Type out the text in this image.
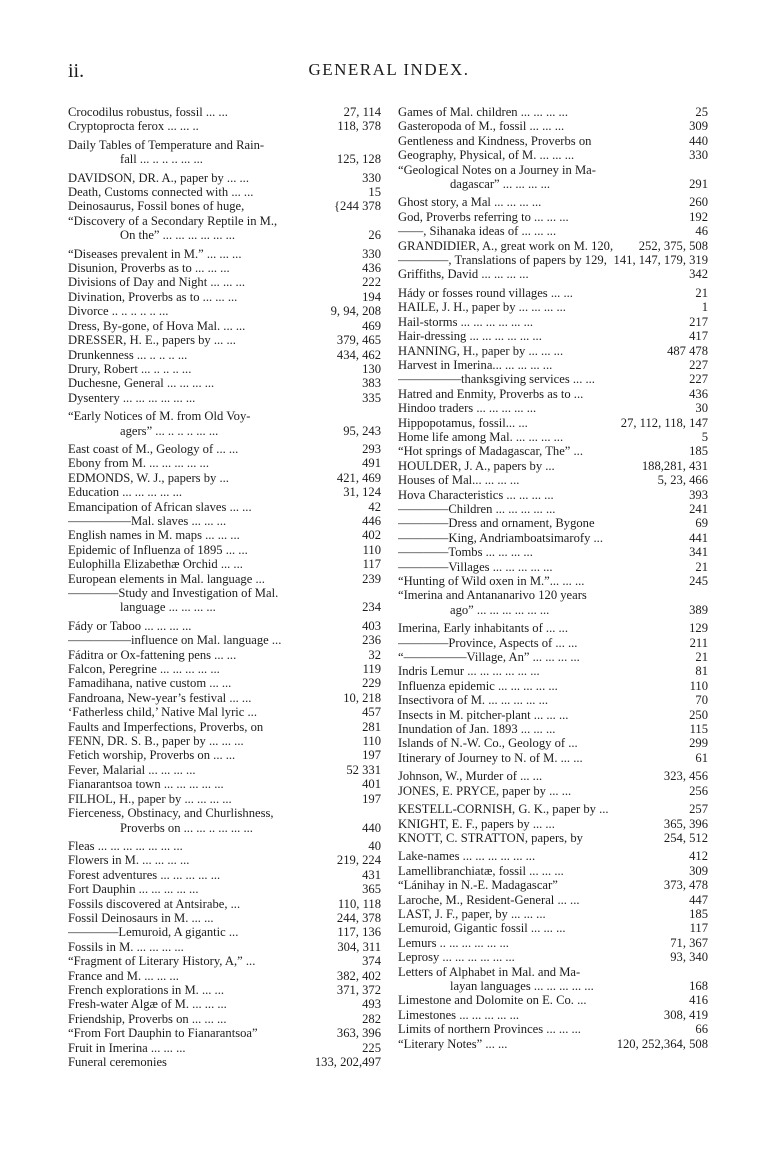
ii.	GENERAL INDEX.
Crocodilus robustus, fossil ... ...	27, 114
Cryptoprocta ferox ... ... ..	118, 378
Daily Tables of Temperature and Rain-
fall ... .. .. .. ... ...	125, 128
DAVIDSON, DR. A., paper by ... ...	330
Death, Customs connected with ... ...	15
Deinosaurus, Fossil bones of huge,	{244 378
“Discovery of a Secondary Reptile in M.,
On the” ... ... ... ... ... ...	26
“Diseases prevalent in M.” ... ... ...	330
Disunion, Proverbs as to ... ... ...	436
Divisions of Day and Night ... ... ...	222
Divination, Proverbs as to ... ... ...	194
Divorce .. .. .. .. .. ...	9, 94, 208
Dress, By-gone, of Hova Mal. ... ...	469
DRESSER, H. E., papers by ... ...	379, 465
Drunkenness ... .. .. .. ...	434, 462
Drury, Robert ... .. .. .. ...	130
Duchesne, General ... ... ... ...	383
Dysentery ... ... ... ... ... ...	335
“Early Notices of M. from Old Voy-
agers” ... .. .. .. ... ...	95, 243
East coast of M., Geology of ... ...	293
Ebony from M. ... ... ... ... ...	491
EDMONDS, W. J., papers by ...	421, 469
Education ... ... ... ... ...	31, 124
Emancipation of African slaves ... ...	42
—————Mal. slaves ... ... ...	446
English names in M. maps ... ... ...	402
Epidemic of Influenza of 1895 ... ...	110
Eulophilla Elizabethæ Orchid ... ...	117
European elements in Mal. language ...	239
————Study and Investigation of Mal.
language ... ... ... ...	234
Fády or Taboo ... ... ... ...	403
—————influence on Mal. language ...	236
Fáditra or Ox-fattening pens ... ...	32
Falcon, Peregrine ... ... ... ... ...	119
Famadihana, native custom ... ...	229
Fandroana, New-year’s festival ... ...	10, 218
‘Fatherless child,’ Native Mal lyric ...	457
Faults and Imperfections, Proverbs, on	281
FENN, DR. S. B., paper by ... ... ...	110
Fetich worship, Proverbs on ... ...	197
Fever, Malarial ... ... ... ...	52 331
Fianarantsoa town ... ... ... ... ...	401
FILHOL, H., paper by ... ... ... ...	197
Fierceness, Obstinacy, and Churlishness,
Proverbs on ... ... .. ... ... ...	440
Fleas ... ... ... ... ... ... ...	40
Flowers in M. ... ... ... ...	219, 224
Forest adventures ... ... ... ... ...	431
Fort Dauphin ... ... ... ... ...	365
Fossils discovered at Antsirabe, ...	110, 118
Fossil Deinosaurs in M. ... ...	244, 378
————Lemuroid, A gigantic ...	117, 136
Fossils in M. ... ... ... ...	304, 311
“Fragment of Literary History, A,” ...	374
France and M. ... ... ...	382, 402
French explorations in M. ... ...	371, 372
Fresh-water Algæ of M. ... ... ...	493
Friendship, Proverbs on ... ... ...	282
“From Fort Dauphin to Fianarantsoa”	363, 396
Fruit in Imerina ... ... ...	225
Funeral ceremonies	133, 202,497
Games of Mal. children ... ... ... ...	25
Gasteropoda of M., fossil ... ... ...	309
Gentleness and Kindness, Proverbs on	440
Geography, Physical, of M. ... ... ...	330
“Geological Notes on a Journey in Ma-
dagascar” ... ... ... ...	291
Ghost story, a Mal ... ... ... ...	260
God, Proverbs referring to ... ... ...	192
——, Sihanaka ideas of ... ... ...	46
GRANDIDIER, A., great work on M. 120,	252, 375, 508
————, Translations of papers by 129, 141, 147, 179, 319
Griffiths, David ... ... ... ...	342
Hády or fosses round villages ... ...	21
HAILE, J. H., paper by ... ... ... ...	1
Hail-storms ... ... ... ... ... ...	217
Hair-dressing ... ... ... ... ... ...	417
HANNING, H., paper by ... ... ...	487 478
Harvest in Imerina... ... ... ... ...	227
—————thanksgiving services ... ...	227
Hatred and Enmity, Proverbs as to ...	436
Hindoo traders ... ... ... ... ...	30
Hippopotamus, fossil... ...	27, 112, 118, 147
Home life among Mal. ... ... ... ...	5
“Hot springs of Madagascar, The” ...	185
HOULDER, J. A., papers by ...	188,281, 431
Houses of Mal... ... ... ...	5, 23, 466
Hova Characteristics ... ... ... ...	393
————Children ... ... ... ... ...	241
————Dress and ornament, Bygone	69
————King, Andriamboatsimarofy ...	441
————Tombs ... ... ... ...	341
————Villages ... ... ... ... ...	21
“Hunting of Wild oxen in M.”... ... ...	245
“Imerina and Antananarivo 120 years
ago” ... ... ... ... ... ...	389
Imerina, Early inhabitants of ... ...	129
————Province, Aspects of ... ...	211
“—————Village, An” ... ... ... ...	21
Indris Lemur ... ... ... ... ... ...	81
Influenza epidemic ... ... ... ... ...	110
Insectivora of M. ... ... ... ... ...	70
Insects in M. pitcher-plant ... ... ...	250
Inundation of Jan. 1893 ... ... ...	115
Islands of N.-W. Co., Geology of ...	299
Itinerary of Journey to N. of M. ... ...	61
Johnson, W., Murder of ... ...	323, 456
JONES, E. PRYCE, paper by ... ...	256
KESTELL-CORNISH, G. K., paper by ...	257
KNIGHT, E. F., papers by ... ...	365, 396
KNOTT, C. STRATTON, papers, by	254, 512
Lake-names ... ... ... ... ... ...	412
Lamellibranchiatæ, fossil ... ... ...	309
“Lánihay in N.-E. Madagascar”	373, 478
Laroche, M., Resident-General ... ...	447
LAST, J. F., paper, by ... ... ...	185
Lemuroid, Gigantic fossil ... ... ...	117
Lemurs .. ... ... ... ... ...	71, 367
Leprosy ... ... ... ... ... ...	93, 340
Letters of Alphabet in Mal. and Ma-
layan languages ... ... ... ... ...	168
Limestone and Dolomite on E. Co. ...	416
Limestones ... ... ... ... ...	308, 419
Limits of northern Provinces ... ... ...	66
“Literary Notes” ... ...	120, 252,364, 508
